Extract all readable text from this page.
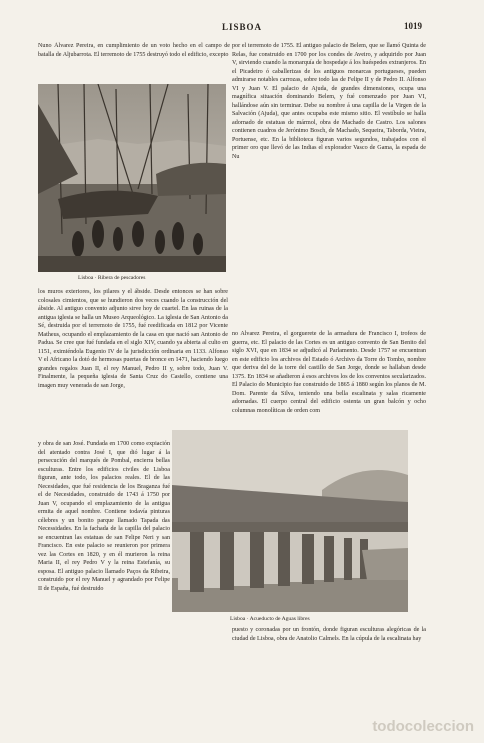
LISBOA	1019
Nuno Álvarez Pereira, en cumplimiento de un voto hecho en el campo de batalla de Aljubarrota. El terremoto de 1755 destruyó todo el edificio, excepto
por el terremoto de 1755. El antiguo palacio de Belem, que se llamó Quinta de Relas, fue construido en 1700 por los condes de Aveiro, y adquirido por Juan V, sirviendo cuando la monarquía de hospedaje á los huéspedes extranjeros. En el Picadeiro ó caballerizas de los antiguos monarcas portugueses, pueden admirarse notables carrozas, sobre todo las de Felipe II y de Pedro II. Alfonso VI y Juan V. El palacio de Ajuda, de grandes dimensiones, ocupa una magnífica situación dominando Belem, y fué comenzado por Juan VI, hallándose aún sin terminar. Debe su nombre á una capilla de la Virgen de la Salvación (Ajuda), que antes ocupaba este mismo sitio. El vestíbulo se halla adornado de estatuas de mármol, obra de Machado de Castro. Los salones contienen cuadros de Jerónimo Bosch, de Machado, Sequeira, Taborda, Vieira, Portuense, etc. En la biblioteca figuran varios segundos, trabajados con el primer oro que llevó de las Indias el explorador Vasco de Gama, la espada de Nu
Lisboa · Ribera de pescadores
los muros exteriores, los pilares y el ábside. Desde entonces se han sobre colosales cimientos, que se hundieron dos veces cuando la construcción del ábside. Al antiguo convento adjunto sirve hoy de cuartel. En las ruinas de la antigua iglesia se halla un Museo Arqueológico. La iglesia de San Antonio da Sé, destruida por el terremoto de 1755, fué reedificada en 1812 por Vicente Matheus, ocupando el emplazamiento de la casa en que nació san Antonio de Padua. Se cree que fué fundada en el siglo XIV, cuando ya abierta al culto en 1151, eximiéndola Eugenio IV de la jurisdicción ordinaria en 1133. Alfonso V el Africano la dotó de hermosas puertas de bronce en 1471, haciendo luego grandes regalos Juan II, el rey Manuel, Pedro II y, sobre todo, Juan V. Finalmente, la pequeña iglesia de Santa Cruz do Castello, contiene una imagen muy venerada de san Jorge,
no Alvarez Pereira, el gorguerete de la armadura de Francisco I, trofeos de guerra, etc. El palacio de las Cortes es un antiguo convento de San Benito del siglo XVI, que en 1834 se adjudicó al Parlamento. Desde 1757 se encuentran en este edificio los archivos del Estado ó Archivo da Torre do Tombo, nombre que deriva del de la torre del castillo de San Jorge, donde se hallaban desde 1375. En 1834 se añadieron á esos archivos los de los conventos secularizados. El Palacio do Municipio fue construido de 1865 á 1880 según los planos de M. Dom. Parente da Silva, teniendo una bella escalinata y salas ricamente adornadas. El cuerpo central del edificio ostenta un gran balcón y ocho columnas monolíticas de orden com
y obra de san José. Fundada en 1700 como expiación del atentado contra José I, que dió lugar á la persecución del marqués de Pombal, encierra bellas esculturas. Entre los edificios civiles de Lisboa figuran, ante todo, los palacios reales. El de las Necesidades, que fué residencia de los Braganza fué el de Necesidades, construido de 1743 á 1750 por Juan V, ocupando el emplazamiento de la antigua ermita de aquel nombre. Contiene todavía pinturas célebres y un bonito parque llamado Tapada das Necessidades. En la fachada de la capilla del palacio se encuentran las estatuas de san Felipe Neri y san Francisco. En este palacio se reunieron por primera vez las Cortes en 1820, y en él murieron la reina Maria II, el rey Pedro V y la reina Estefanía, su esposa. El antiguo palacio llamado Paços da Ribeira, construido por el rey Manuel y agrandado por Felipe II de España, fué destruido
Lisboa · Acueducto de Aguas libres
puesto y coronadas por un frontón, donde figuran esculturas alegóricas de la ciudad de Lisboa, obra de Anatolio Calmels. En la cúpula de la escalinata hay
todocoleccion
